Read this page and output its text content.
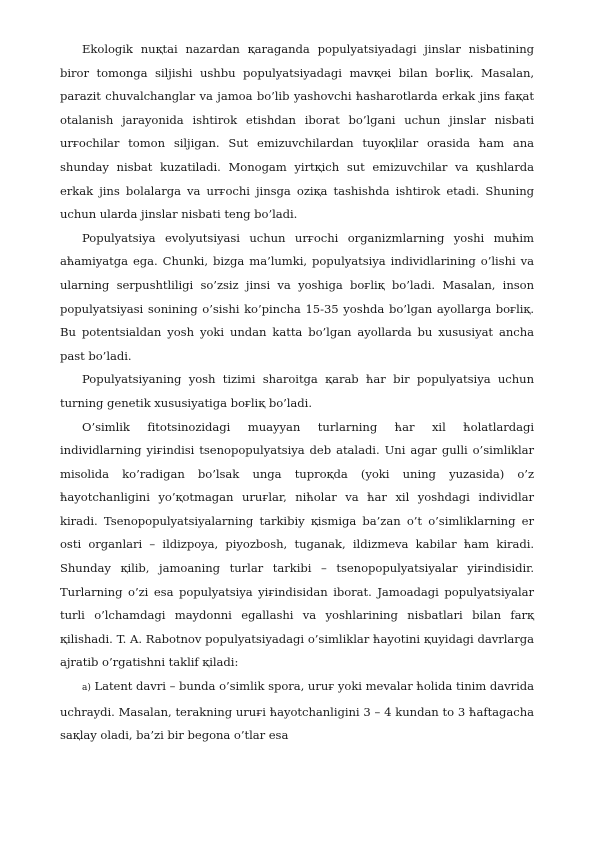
Ekologik nuқtai nazardan қaraganda populyatsiyadagi jinslar nisbatining biror tomonga siljishi ushbu populyatsiyadagi mavқei bilan boғliқ. Masalan, parazit chuvalchanglar va jamoa bo’lib yashovchi ћasharotlarda erkak jins faқat otalanish jarayonida ishtirok etishdan iborat bo’lgani uchun jinslar nisbati urғochilar tomon siljigan. Sut emizuvchilardan tuyoқlilar orasida ћam ana shunday nisbat kuzatiladi. Monogam yirtқich sut emizuvchilar va қushlarda erkak jins bolalarga va urғochi jinsga oziқa tashishda ishtirok etadi. Shuning uchun ularda jinslar nisbati teng bo’ladi.

Populyatsiya evolyutsiyasi uchun urғochi organizmlarning yoshi muћim aћamiyatga ega. Chunki, bizga ma’lumki, populyatsiya individlarining o’lishi va ularning serpushtliligi so’zsiz jinsi va yoshiga boғliқ bo’ladi. Masalan, inson populyatsiyasi sonining o’sishi ko’pincha 15-35 yoshda bo’lgan ayollarga boғliқ. Bu potentsialdan yosh yoki undan katta bo’lgan ayollarda bu xususiyat ancha past bo’ladi.

Populyatsiyaning yosh tizimi sharoitga қarab ћar bir populyatsiya uchun turning genetik xususiyatiga boғliқ bo’ladi.

O’simlik fitotsinozidagi muayyan turlarning ћar xil ћolatlardagi individlarning yiғindisi tsenopopulyatsiya deb ataladi. Uni agar gulli o’simliklar misolida ko’radigan bo’lsak unga tuproқda (yoki uning yuzasida) o’z ћayotchanligini yo’қotmagan uruғlar, niћolar va ћar xil yoshdagi individlar kiradi. Tsenopopulyatsiyalarning tarkibiy қismiga ba’zan o’t o’simliklarning er osti organlari – ildizpoya, piyozbosh, tuganak, ildizmeva kabilar ћam kiradi. Shunday қilib, jamoaning turlar tarkibi – tsenopopulyatsiyalar yiғindisidir. Turlarning o’zi esa populyatsiya yiғindisidan iborat. Jamoadagi populyatsiyalar turli o’lchamdagi maydonni egallashi va yoshlarining nisbatlari bilan farқ қilishadi. T. A. Rabotnov populyatsiyadagi o’simliklar ћayotini қuyidagi davrlarga ajratib o’rgatishni taklif қiladi:

a) Latent davri – bunda o’simlik spora, uruғ yoki mevalar ћolida tinim davrida uchraydi. Masalan, terakning uruғi ћayotchanligini 3 – 4 kundan to 3 ћaftagacha saқlay oladi, ba’zi bir begona o’tlar esa
